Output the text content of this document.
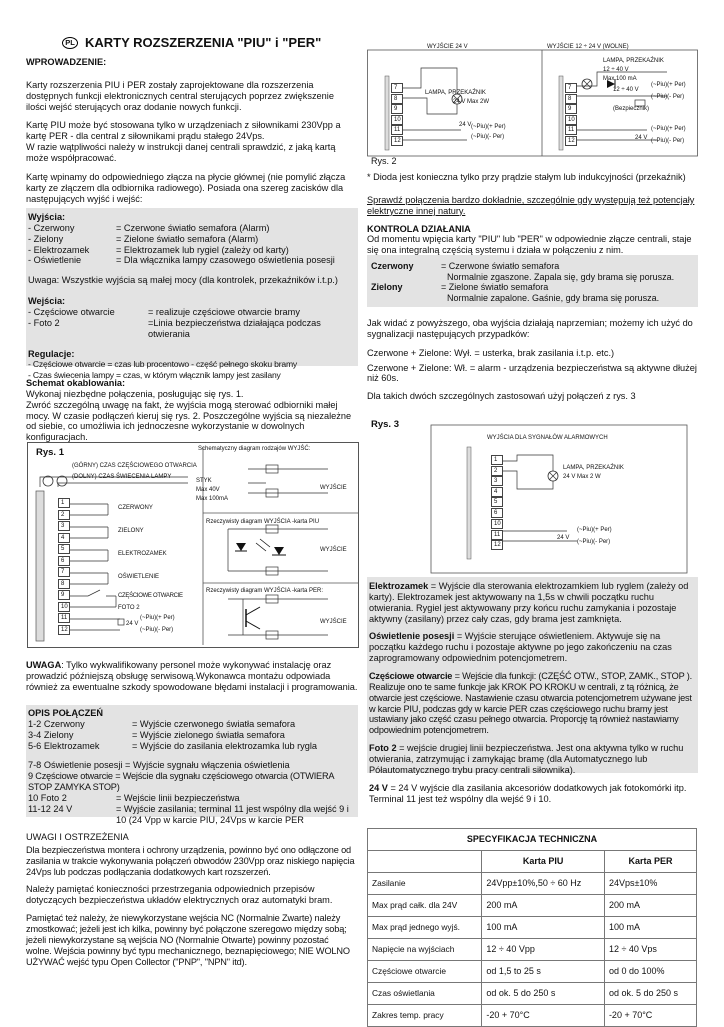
PL KARTY ROZSZERZENIA "PIU" i "PER"

WPROWADZENIE:

Karty rozszerzenia PIU i PER zostały zaprojektowane dla rozszerzenia dostępnych funkcji elektronicznych central sterujących poprzez zwiększenie ilości wejść sterujących oraz dodanie nowych funkcji.

Kartę PIU może być stosowana tylko w urządzeniach z siłownikami 230Vpp a kartę PER - dla central z siłownikami prądu stałego 24Vps.
W razie wątpliwości należy w instrukcji danej centrali sprawdzić, z jaką kartą może współpracować.

Kartę wpinamy do odpowiedniego złącza na płycie głównej (nie pomylić złącza karty ze złączem dla odbiornika radiowego). Posiada ona szereg zacisków dla następujących wyjść i wejść:

Wyjścia:
- Czerwony	= Czerwone światło semafora (Alarm)
- Zielony	= Zielone światło semafora (Alarm)
- Elektrozamek	= Elektrozamek lub rygiel (zależy od karty)
- Oświetlenie	= Dla włącznika lampy czasowego oświetlenia posesji
Uwaga: Wszystkie wyjścia są małej mocy (dla kontrolek, przekaźników i.t.p.)
Wejścia:
- Częściowe otwarcie	= realizuje częściowe otwarcie bramy
- Foto 2	=Linia bezpieczeństwa działająca podczas otwierania
Regulacje:
- Częściowe otwarcie = czas lub procentowo - część pełnego skoku bramy
- Czas świecenia lampy = czas, w którym włącznik lampy jest zasilany
Schemat okablowania:
Wykonaj niezbędne połączenia, posługując się rys. 1.
Zwróć szczególną uwagę na fakt, że wyjścia mogą sterować odbiorniki małej mocy. W czasie podłączeń kieruj się rys. 2. Poszczególne wyjścia są niezależne od siebie, co umożliwia ich jednoczesne wykorzystanie w dowolnych konfiguracjach.
Rys. 1	Schematyczny diagram rodzajów WYJŚĆ:
(GÓRNY) CZAS CZĘŚCIOWEGO OTWARCIA
(DOLNY) CZAS ŚWIECENIA LAMPY
STYK
Max 40V
Max 100mA
WYJŚCIE
Rzeczywisty diagram WYJŚCIA -karta PIU
WYJŚCIE
Rzeczywisty diagram WYJŚCIA -karta PER:
WYJŚCIE
1
2
3
4
5
6
7
8
9
10
11
12
CZERWONY
ZIELONY
ELEKTROZAMEK
OŚWIETLENIE
CZĘŚCIOWE OTWARCIE
FOTO 2
24 V
(~Piu)(+ Per)
(~Piu)(- Per)
UWAGA: Tylko wykwalifikowany personel może wykonywać instalację oraz prowadzić późniejszą obsługę serwisową.Wykonawca montażu odpowiada również za ewentualne szkody spowodowane błędami instalacji i programowania.
OPIS POŁĄCZEŃ
1-2 Czerwony	= Wyjście czerwonego światła semafora
3-4 Zielony	= Wyjście zielonego światła semafora
5-6 Elektrozamek	= Wyjście do zasilania elektrozamka lub rygla
7-8 Oświetlenie posesji = Wyjście sygnału włączenia oświetlenia
9 Częściowe otwarcie = Wejście dla sygnału częściowego otwarcia (OTWIERA STOP ZAMYKA STOP)
10 Foto 2	= Wejście linii bezpieczeństwa
11-12 24 V	= Wyjście zasilania; terminal 11 jest wspólny dla wejść 9 i 10 (24 Vpp w karcie PIU, 24Vps w karcie PER

UWAGI I OSTRZEŻENIA

Dla bezpieczeństwa montera i ochrony urządzenia, powinno być ono odłączone od zasilania w trakcie wykonywania połączeń obwodów 230Vpp oraz niskiego napięcia 24Vps lub podczas podłączania dodatkowych kart rozszerzeń.

Należy pamiętać konieczności przestrzegania odpowiednich przepisów dotyczących bezpieczeństwa układów elektrycznych oraz automatyki bram.

Pamiętać też należy, że niewykorzystane wejścia NC (Normalnie Zwarte) należy zmostkować; jeżeli jest ich kilka, powinny być połączone szeregowo między sobą; jeżeli niewykorzystane są wejścia NO (Normalnie Otwarte) powinny pozostać wolne. Wejścia powinny być typu mechanicznego, beznapięciowego; NIE WOLNO UŻYWAĆ wejść typu Open Collector ("PNP", "NPN" itd).

WYJŚCIE 24 V	WYJŚCIE 12 ÷ 24 V (WOLNE)
LAMPA, PRZEKAŹNIK
24 V Max 2W
LAMPA, PRZEKAŹNIK
12 ÷ 40 V
Max 100 mA
12 ÷ 40 V
(Bezpiecznik)
(~Piu)(+ Per)
(~Piu)(- Per)
24 V (~Piu)(+ Per)
(~Piu)(- Per)	24 V
(~Piu)(+ Per)
(~Piu)(- Per)
7
8
9
10
11
12
7
8
9
10
11
12
Rys. 2

* Dioda jest konieczna tylko przy prądzie stałym lub indukcyjności (przekaźnik)

Sprawdź połączenia bardzo dokładnie, szczególnie gdy występują też potencjały elektryczne innej natury.

KONTROLA DZIAŁANIA
Od momentu wpięcia karty "PIU" lub "PER" w odpowiednie złącze centrali, staje się ona integralną częścią systemu i działa w połączeniu z nim.
Czerwony	= Czerwone światło semafora
Normalnie zgaszone. Zapala się, gdy brama się porusza.
Zielony	= Zielone światło semafora
Normalnie zapalone. Gaśnie, gdy brama się porusza.

Jak widać z powyższego, oba wyjścia działają naprzemian; możemy ich użyć do sygnalizacji następujących przypadków:

Czerwone + Zielone: Wył. = usterka, brak zasilania i.t.p. etc.)

Czerwone + Zielone: Wł. = alarm - urządzenia bezpieczeństwa są aktywne dłużej niż 60s.

Dla takich dwóch szczególnych zastosowań użyj połączeń z rys. 3

Rys. 3
WYJŚCIA DLA SYGNAŁÓW ALARMOWYCH
LAMPA, PRZEKAŹNIK
24 V Max 2 W
24 V
(~Piu)(+ Per)
(~Piu)(- Per)
1
2
3
4
5
6
10
11
12

Elektrozamek = Wyjście dla sterowania elektrozamkiem lub ryglem (zależy od karty). Elektrozamek jest aktywowany na 1,5s w chwili początku ruchu otwierania. Rygiel jest aktywowany przy końcu ruchu zamykania i pozostaje aktywny (zasilany) przez cały czas, gdy brama jest zamknięta.

Oświetlenie posesji = Wyjście sterujące oświetleniem. Aktywuje się na początku każdego ruchu i pozostaje aktywne po jego zakończeniu na czas zaprogramowany odpowiednim potencjometrem.

Częściowe otwarcie = Wejście dla funkcji: (CZĘŚĆ OTW., STOP, ZAMK., STOP ). Realizuje ono te same funkcje jak KROK PO KROKU w centrali, z tą różnicą, że otwarcie jest częściowe. Nastawienie czasu otwarcia potencjometrem używane jest w karcie PIU, podczas gdy w karcie PER czas częściowego ruchu bramy jest ustawiany jako część czasu pełnego otwarcia. Proporcję tą również nastawiamy odpowiednim potencjometrem.

Foto 2 = wejście drugiej linii bezpieczeństwa. Jest ona aktywna tylko w ruchu otwierania, zatrzymując i zamykając bramę (dla Automatycznego lub Półautomatycznego trybu pracy centrali siłownika).

24 V = 24 V wyjście dla zasilania akcesoriów dodatkowych jak fotokomórki itp. Terminal 11 jest też wspólny dla wejść 9 i 10.

SPECYFIKACJA TECHNICZNA		
	Karta PIU	Karta PER
Zasilanie	24Vpp±10%,50 ÷ 60 Hz	24Vps±10%
Max prąd całk. dla 24V	200 mA	200 mA
Max prąd jednego wyjś.	100 mA	100 mA
Napięcie na wyjściach	12 ÷ 40 Vpp	12 ÷ 40 Vps
Częściowe otwarcie	od 1,5 to 25 s	od 0 do 100%
Czas oświetlania	od ok. 5 do 250 s	od ok. 5 do 250 s
Zakres temp. pracy	-20 + 70°C	-20 + 70°C
